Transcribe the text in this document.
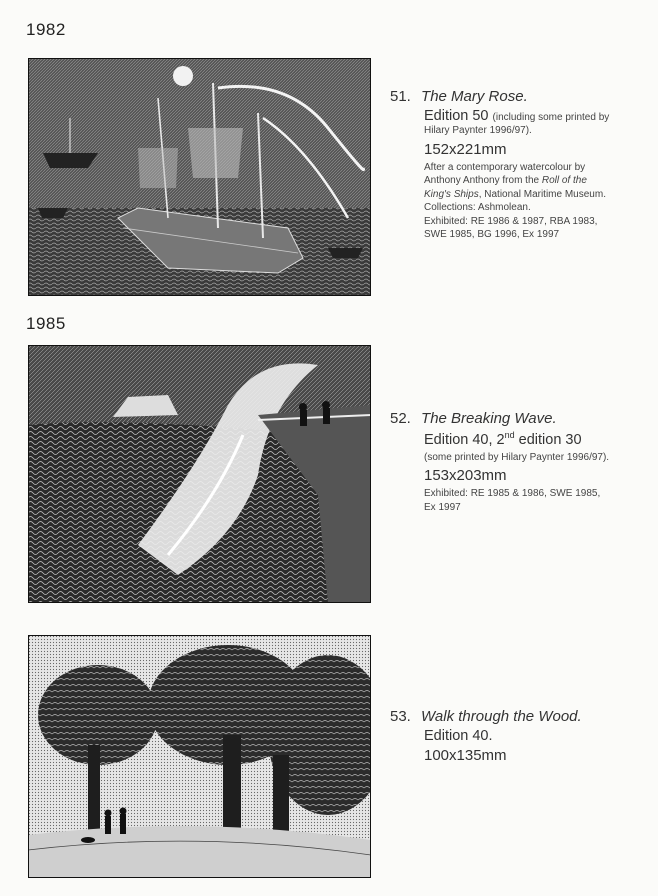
1982
51. The Mary Rose.
Edition 50 (including some printed by
Hilary Paynter 1996/97).
152x221mm
After a contemporary watercolour by
Anthony Anthony from the Roll of the
King's Ships, National Maritime Museum.
Collections: Ashmolean.
Exhibited: RE 1986 & 1987, RBA 1983,
SWE 1985, BG 1996, Ex 1997
1985
52. The Breaking Wave.
Edition 40, 2nd edition 30
(some printed by Hilary Paynter 1996/97).
153x203mm
Exhibited: RE 1985 & 1986, SWE 1985,
Ex 1997
53. Walk through the Wood.
Edition 40.
100x135mm
